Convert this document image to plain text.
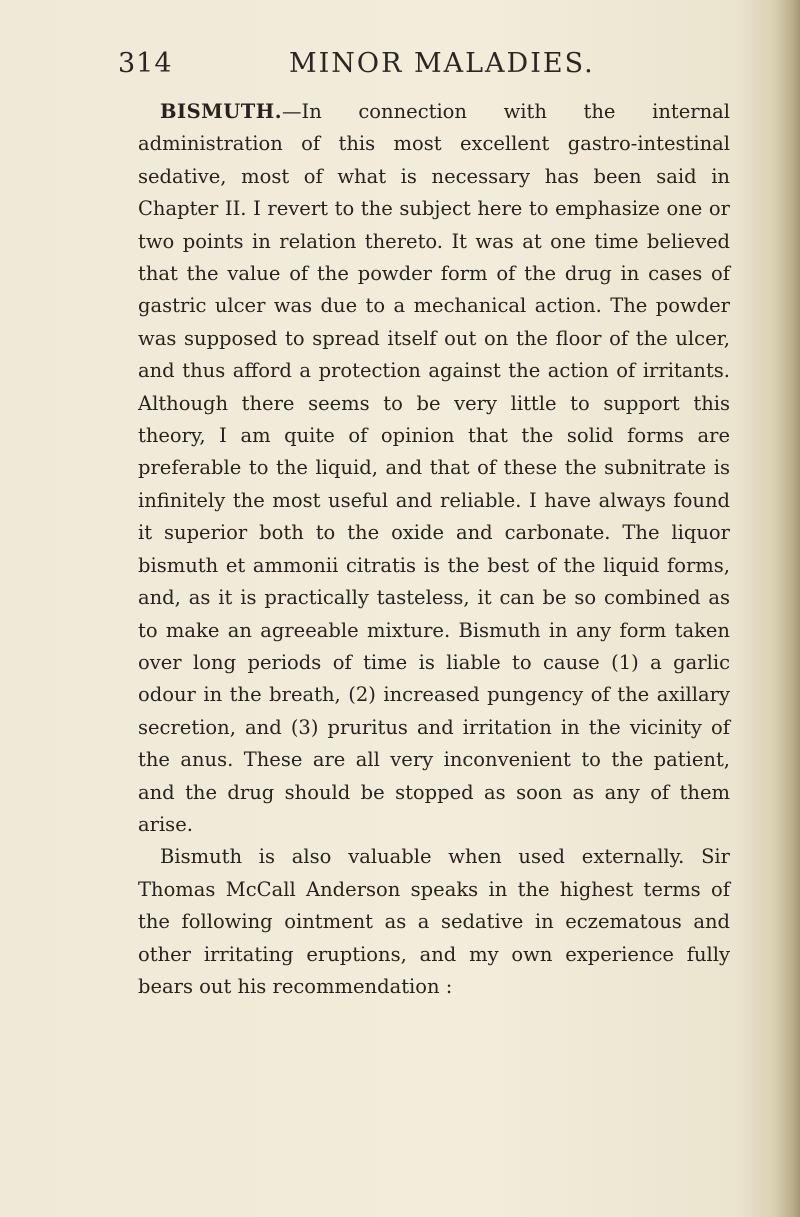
314	MINOR MALADIES.

BISMUTH.—In connection with the internal administration of this most excellent gastro-intestinal sedative, most of what is necessary has been said in Chapter II. I revert to the subject here to emphasize one or two points in relation thereto. It was at one time believed that the value of the powder form of the drug in cases of gastric ulcer was due to a mechanical action. The powder was supposed to spread itself out on the floor of the ulcer, and thus afford a protection against the action of irritants. Although there seems to be very little to support this theory, I am quite of opinion that the solid forms are preferable to the liquid, and that of these the subnitrate is infinitely the most useful and reliable. I have always found it superior both to the oxide and carbonate. The liquor bismuth et ammonii citratis is the best of the liquid forms, and, as it is practically tasteless, it can be so combined as to make an agreeable mixture. Bismuth in any form taken over long periods of time is liable to cause (1) a garlic odour in the breath, (2) increased pungency of the axillary secretion, and (3) pruritus and irritation in the vicinity of the anus. These are all very inconvenient to the patient, and the drug should be stopped as soon as any of them arise.

Bismuth is also valuable when used externally. Sir Thomas McCall Anderson speaks in the highest terms of the following ointment as a sedative in eczematous and other irritating eruptions, and my own experience fully bears out his recommendation :
